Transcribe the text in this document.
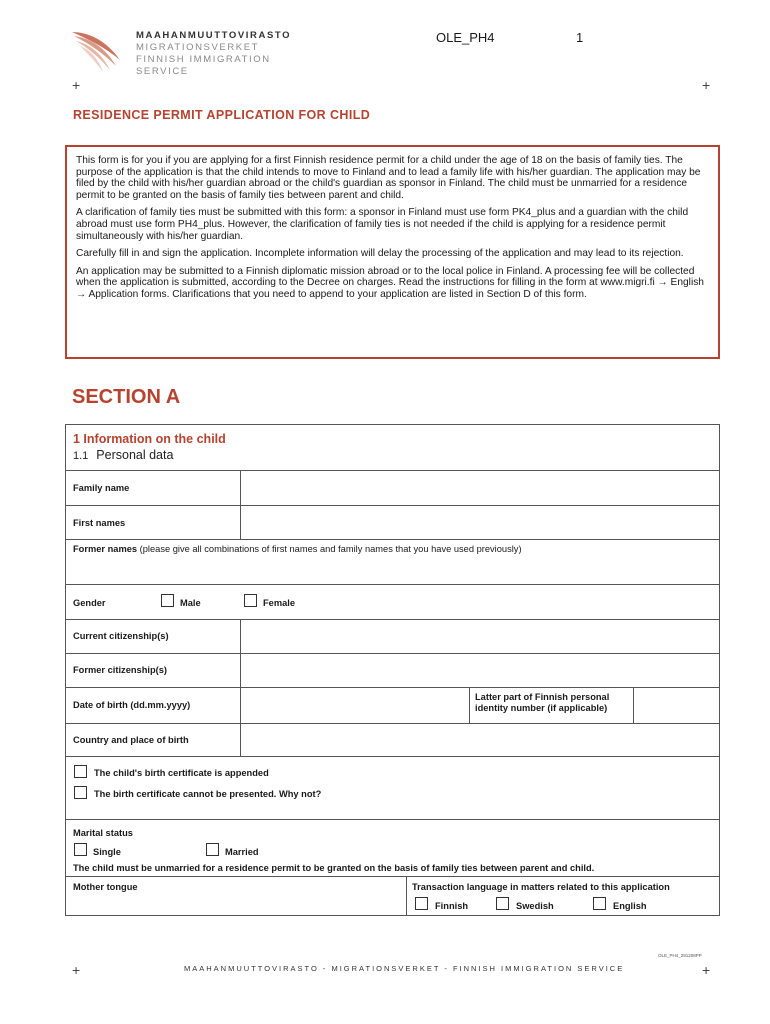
MAAHANMUUTTOVIRASTO
MIGRATIONSVERKET
FINNISH IMMIGRATION SERVICE
OLE_PH4	1
+	+
RESIDENCE PERMIT APPLICATION FOR CHILD

This form is for you if you are applying for a first Finnish residence permit for a child under the age of 18 on the basis of family ties. The purpose of the application is that the child intends to move to Finland and to lead a family life with his/her guardian. The application may be filed by the child with his/her guardian abroad or the child's guardian as sponsor in Finland. The child must be unmarried for a residence permit to be granted on the basis of family ties between parent and child.

A clarification of family ties must be submitted with this form: a sponsor in Finland must use form PK4_plus and a guardian with the child abroad must use form PH4_plus. However, the clarification of family ties is not needed if the child is applying for a residence permit simultaneously with his/her guardian.

Carefully fill in and sign the application. Incomplete information will delay the processing of the application and may lead to its rejection.

An application may be submitted to a Finnish diplomatic mission abroad or to the local police in Finland. A processing fee will be collected when the application is submitted, according to the Decree on charges. Read the instructions for filling in the form at www.migri.fi → English → Application forms. Clarifications that you need to append to your application are listed in Section D of this form.

SECTION A
1 Information on the child
1.1 Personal data
Family name
First names
Former names (please give all combinations of first names and family names that you have used previously)
Gender	Male	Female
Current citizenship(s)
Former citizenship(s)
Date of birth (dd.mm.yyyy)
Latter part of Finnish personal
identity number (if applicable)
Country and place of birth
The child's birth certificate is appended
The birth certificate cannot be presented. Why not?
Marital status
Single	Married
The child must be unmarried for a residence permit to be granted on the basis of family ties between parent and child.
Mother tongue	Transaction language in matters related to this application
Finnish	Swedish	English
OLE_PH4_291208PP
+	MAAHANMUUTTOVIRASTO - MIGRATIONSVERKET - FINNISH IMMIGRATION SERVICE	+
